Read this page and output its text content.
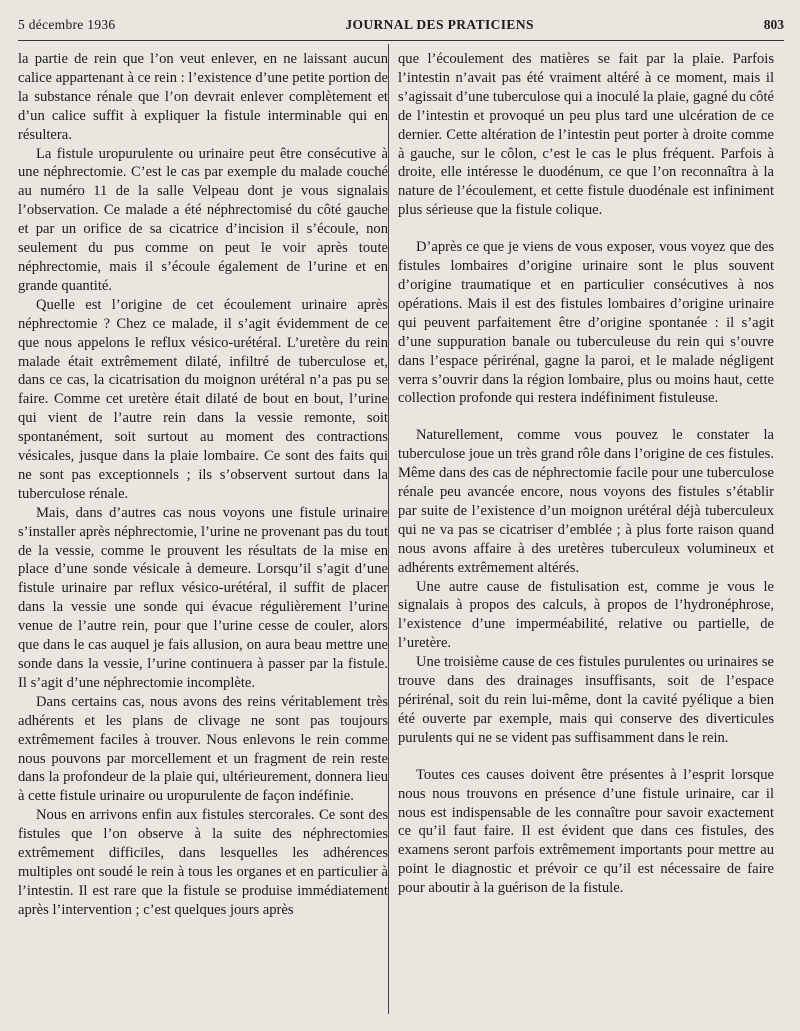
5 décembre 1936	JOURNAL DES PRATICIENS	803

la partie de rein que l’on veut enlever, en ne laissant aucun calice appartenant à ce rein : l’existence d’une petite portion de la substance rénale que l’on devrait enlever complètement et d’un calice suffit à expliquer la fistule interminable qui en résultera.

La fistule uropurulente ou urinaire peut être consécutive à une néphrectomie. C’est le cas par exemple du malade couché au numéro 11 de la salle Velpeau dont je vous signalais l’observation. Ce malade a été néphrectomisé du côté gauche et par un orifice de sa cicatrice d’incision il s’écoule, non seulement du pus comme on peut le voir après toute néphrectomie, mais il s’écoule également de l’urine et en grande quantité.

Quelle est l’origine de cet écoulement urinaire après néphrectomie ? Chez ce malade, il s’agit évidemment de ce que nous appelons le reflux vésico-urétéral. L’uretère du rein malade était extrêmement dilaté, infiltré de tuberculose et, dans ce cas, la cicatrisation du moignon urétéral n’a pas pu se faire. Comme cet uretère était dilaté de bout en bout, l’urine qui vient de l’autre rein dans la vessie remonte, soit spontanément, soit surtout au moment des contractions vésicales, jusque dans la plaie lombaire. Ce sont des faits qui ne sont pas exceptionnels ; ils s’observent surtout dans la tuberculose rénale.

Mais, dans d’autres cas nous voyons une fistule urinaire s’installer après néphrectomie, l’urine ne provenant pas du tout de la vessie, comme le prouvent les résultats de la mise en place d’une sonde vésicale à demeure. Lorsqu’il s’agit d’une fistule urinaire par reflux vésico-urétéral, il suffit de placer dans la vessie une sonde qui évacue régulièrement l’urine venue de l’autre rein, pour que l’urine cesse de couler, alors que dans le cas auquel je fais allusion, on aura beau mettre une sonde dans la vessie, l’urine continuera à passer par la fistule. Il s’agit d’une néphrectomie incomplète.

Dans certains cas, nous avons des reins véritablement très adhérents et les plans de clivage ne sont pas toujours extrêmement faciles à trouver. Nous enlevons le rein comme nous pouvons par morcellement et un fragment de rein reste dans la profondeur de la plaie qui, ultérieurement, donnera lieu à cette fistule urinaire ou uropurulente de façon indéfinie.

Nous en arrivons enfin aux fistules stercorales. Ce sont des fistules que l’on observe à la suite des néphrectomies extrêmement difficiles, dans lesquelles les adhérences multiples ont soudé le rein à tous les organes et en particulier à l’intestin. Il est rare que la fistule se produise immédiatement après l’intervention ; c’est quelques jours après

que l’écoulement des matières se fait par la plaie. Parfois l’intestin n’avait pas été vraiment altéré à ce moment, mais il s’agissait d’une tuberculose qui a inoculé la plaie, gagné du côté de l’intestin et provoqué un peu plus tard une ulcération de ce dernier. Cette altération de l’intestin peut porter à droite comme à gauche, sur le côlon, c’est le cas le plus fréquent. Parfois à droite, elle intéresse le duodénum, ce que l’on reconnaîtra à la nature de l’écoulement, et cette fistule duodénale est infiniment plus sérieuse que la fistule colique.

D’après ce que je viens de vous exposer, vous voyez que des fistules lombaires d’origine urinaire sont le plus souvent d’origine traumatique et en particulier consécutives à nos opérations. Mais il est des fistules lombaires d’origine urinaire qui peuvent parfaitement être d’origine spontanée : il s’agit d’une suppuration banale ou tuberculeuse du rein qui s’ouvre dans l’espace périrénal, gagne la paroi, et le malade négligent verra s’ouvrir dans la région lombaire, plus ou moins haut, cette collection profonde qui restera indéfiniment fistuleuse.

Naturellement, comme vous pouvez le constater la tuberculose joue un très grand rôle dans l’origine de ces fistules. Même dans des cas de néphrectomie facile pour une tuberculose rénale peu avancée encore, nous voyons des fistules s’établir par suite de l’existence d’un moignon urétéral déjà tuberculeux qui ne va pas se cicatriser d’emblée ; à plus forte raison quand nous avons affaire à des uretères tuberculeux volumineux et adhérents extrêmement altérés.

Une autre cause de fistulisation est, comme je vous le signalais à propos des calculs, à propos de l’hydronéphrose, l’existence d’une imperméabilité, relative ou partielle, de l’uretère.

Une troisième cause de ces fistules purulentes ou urinaires se trouve dans des drainages insuffisants, soit de l’espace périrénal, soit du rein lui-même, dont la cavité pyélique a bien été ouverte par exemple, mais qui conserve des diverticules purulents qui ne se vident pas suffisamment dans le rein.

Toutes ces causes doivent être présentes à l’esprit lorsque nous nous trouvons en présence d’une fistule urinaire, car il nous est indispensable de les connaître pour savoir exactement ce qu’il faut faire. Il est évident que dans ces fistules, des examens seront parfois extrêmement importants pour mettre au point le diagnostic et prévoir ce qu’il est nécessaire de faire pour aboutir à la guérison de la fistule.
